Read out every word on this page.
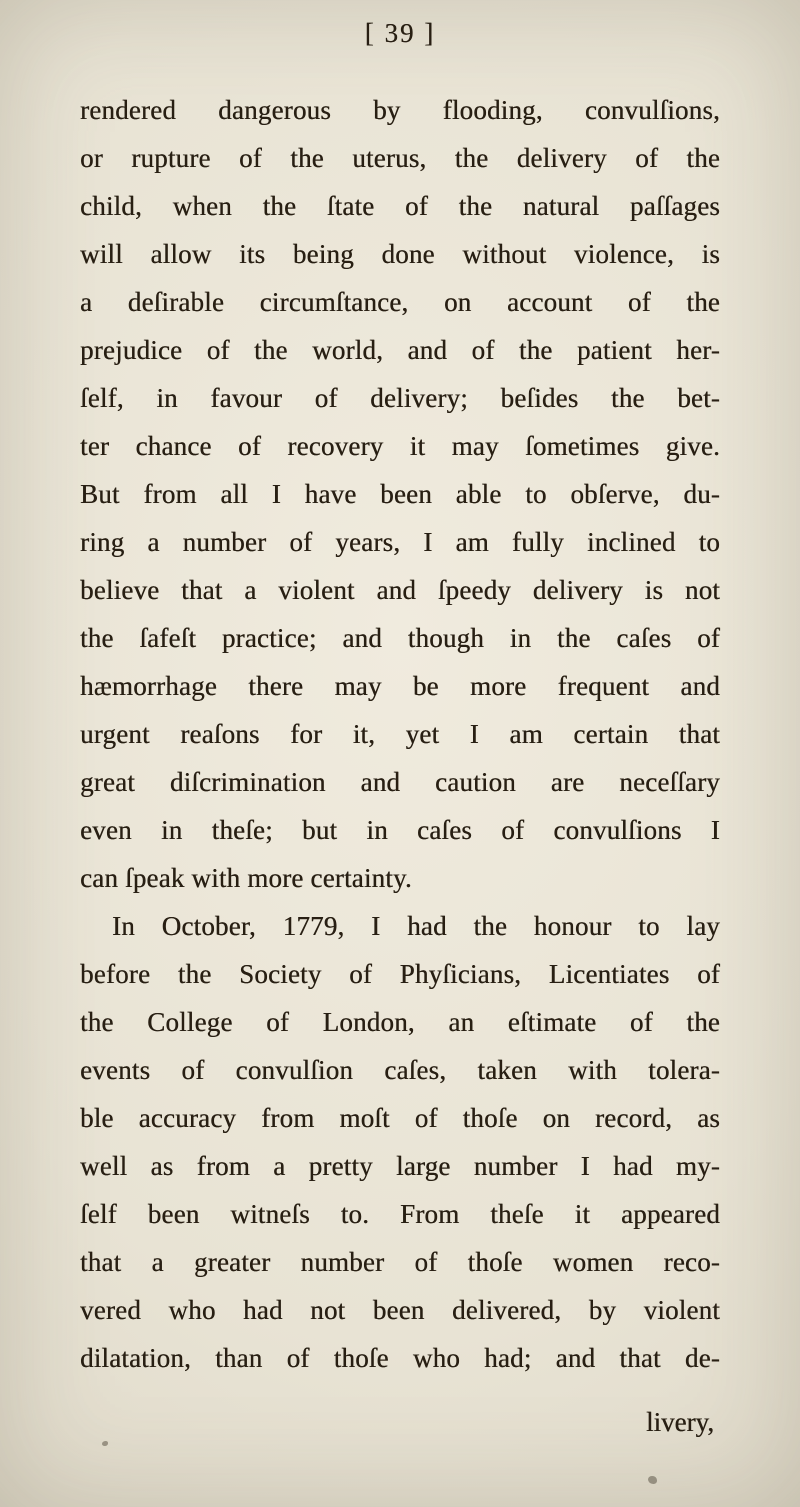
[ 39 ]

rendered dangerous by flooding, convulſions,
or rupture of the uterus, the delivery of the
child, when the ſtate of the natural paſſages
will allow its being done without violence, is
a deſirable circumſtance, on account of the
prejudice of the world, and of the patient her-
ſelf, in favour of delivery; beſides the bet-
ter chance of recovery it may ſometimes give.
But from all I have been able to obſerve, du-
ring a number of years, I am fully inclined to
believe that a violent and ſpeedy delivery is not
the ſafeſt practice; and though in the caſes of
hæmorrhage there may be more frequent and
urgent reaſons for it, yet I am certain that
great diſcrimination and caution are neceſſary
even in theſe; but in caſes of convulſions I
can ſpeak with more certainty.

In October, 1779, I had the honour to lay
before the Society of Phyſicians, Licentiates of
the College of London, an eſtimate of the
events of convulſion caſes, taken with tolera-
ble accuracy from moſt of thoſe on record, as
well as from a pretty large number I had my-
ſelf been witneſs to. From theſe it appeared
that a greater number of thoſe women reco-
vered who had not been delivered, by violent
dilatation, than of thoſe who had; and that de-

livery,
